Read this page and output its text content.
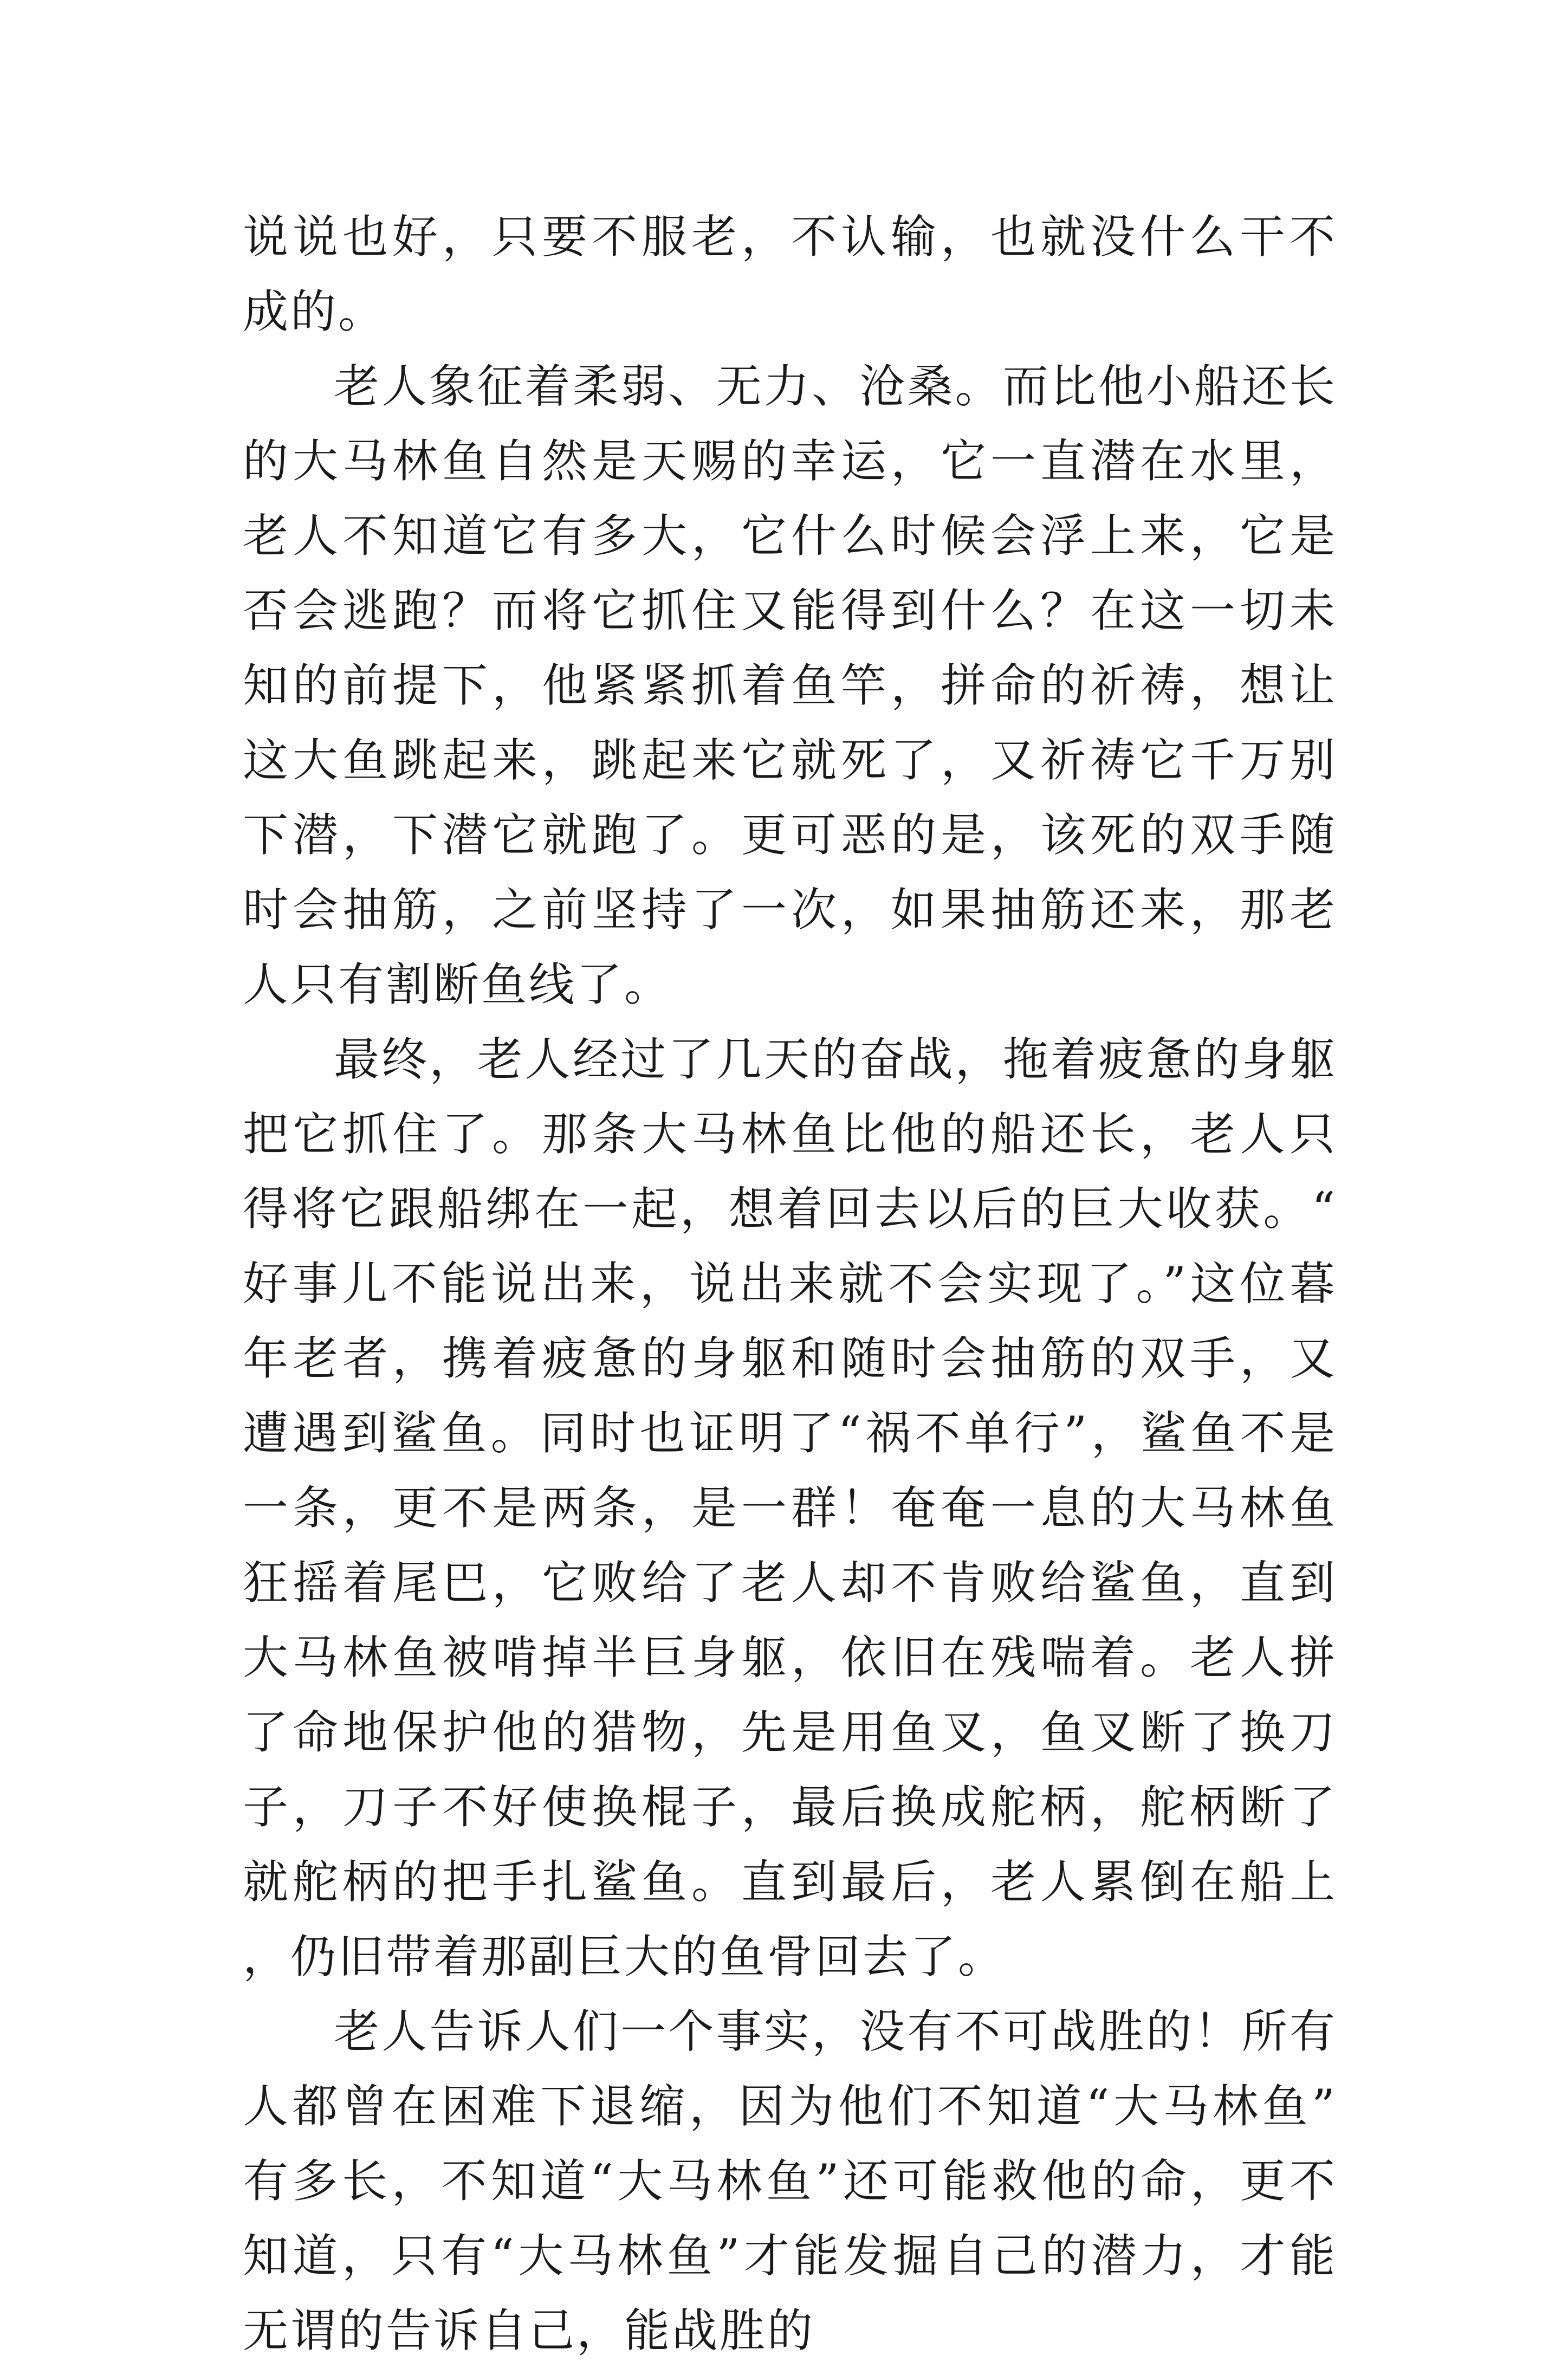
说说也好，只要不服老，不认输，也就没什么干不成的。

老人象征着柔弱、无力、沧桑。而比他小船还长的大马林鱼自然是天赐的幸运，它一直潜在水里，老人不知道它有多大，它什么时候会浮上来，它是否会逃跑？而将它抓住又能得到什么？在这一切未知的前提下，他紧紧抓着鱼竿，拼命的祈祷，想让这大鱼跳起来，跳起来它就死了，又祈祷它千万别下潜，下潜它就跑了。更可恶的是，该死的双手随时会抽筋，之前坚持了一次，如果抽筋还来，那老人只有割断鱼线了。

最终，老人经过了几天的奋战，拖着疲惫的身躯把它抓住了。那条大马林鱼比他的船还长，老人只得将它跟船绑在一起，想着回去以后的巨大收获。“好事儿不能说出来，说出来就不会实现了。”这位暮年老者，携着疲惫的身躯和随时会抽筋的双手，又遭遇到鲨鱼。同时也证明了“祸不单行”，鲨鱼不是一条，更不是两条，是一群！奄奄一息的大马林鱼狂摇着尾巴，它败给了老人却不肯败给鲨鱼，直到大马林鱼被啃掉半巨身躯，依旧在残喘着。老人拼了命地保护他的猎物，先是用鱼叉，鱼叉断了换刀子，刀子不好使换棍子，最后换成舵柄，舵柄断了就舵柄的把手扎鲨鱼。直到最后，老人累倒在船上，仍旧带着那副巨大的鱼骨回去了。

老人告诉人们一个事实，没有不可战胜的！所有人都曾在困难下退缩，因为他们不知道“大马林鱼”有多长，不知道“大马林鱼”还可能救他的命，更不知道，只有“大马林鱼”才能发掘自己的潜力，才能无谓的告诉自己，能战胜的
